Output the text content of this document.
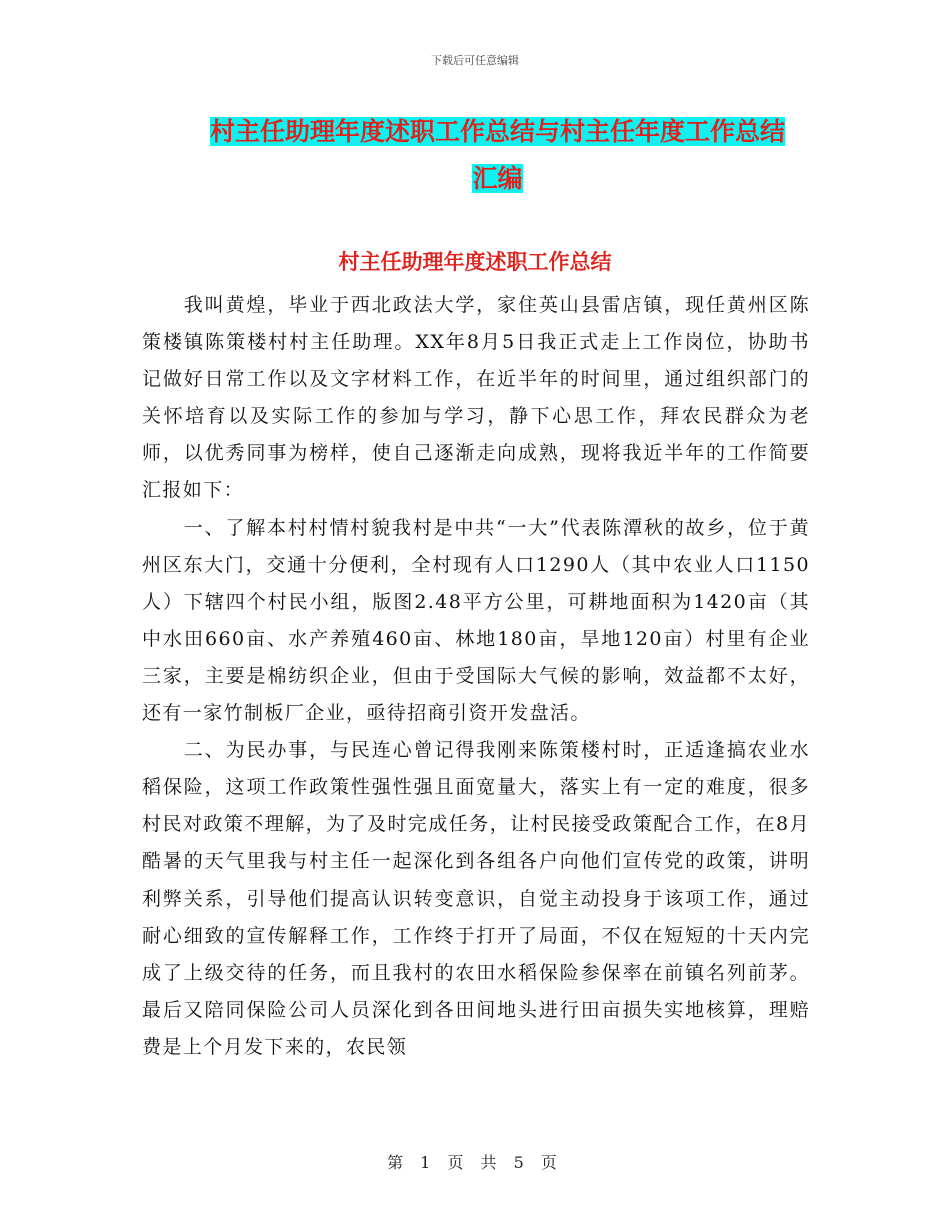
下载后可任意编辑
村主任助理年度述职工作总结与村主任年度工作总结
汇编
村主任助理年度述职工作总结

我叫黄煌，毕业于西北政法大学，家住英山县雷店镇，现任黄州区陈策楼镇陈策楼村村主任助理。XX年8月5日我正式走上工作岗位，协助书记做好日常工作以及文字材料工作，在近半年的时间里，通过组织部门的关怀培育以及实际工作的参加与学习，静下心思工作，拜农民群众为老师，以优秀同事为榜样，使自己逐渐走向成熟，现将我近半年的工作简要汇报如下：

一、了解本村村情村貌我村是中共“一大”代表陈潭秋的故乡，位于黄州区东大门，交通十分便利，全村现有人口1290人（其中农业人口1150人）下辖四个村民小组，版图2.48平方公里，可耕地面积为1420亩（其中水田660亩、水产养殖460亩、林地180亩，旱地120亩）村里有企业三家，主要是棉纺织企业，但由于受国际大气候的影响，效益都不太好，还有一家竹制板厂企业，亟待招商引资开发盘活。

二、为民办事，与民连心曾记得我刚来陈策楼村时，正适逢搞农业水稻保险，这项工作政策性强性强且面宽量大，落实上有一定的难度，很多村民对政策不理解，为了及时完成任务，让村民接受政策配合工作，在8月酷暑的天气里我与村主任一起深化到各组各户向他们宣传党的政策，讲明利弊关系，引导他们提高认识转变意识，自觉主动投身于该项工作，通过耐心细致的宣传解释工作，工作终于打开了局面，不仅在短短的十天内完成了上级交待的任务，而且我村的农田水稻保险参保率在前镇名列前茅。最后又陪同保险公司人员深化到各田间地头进行田亩损失实地核算，理赔费是上个月发下来的，农民领

第 1 页 共 5 页
